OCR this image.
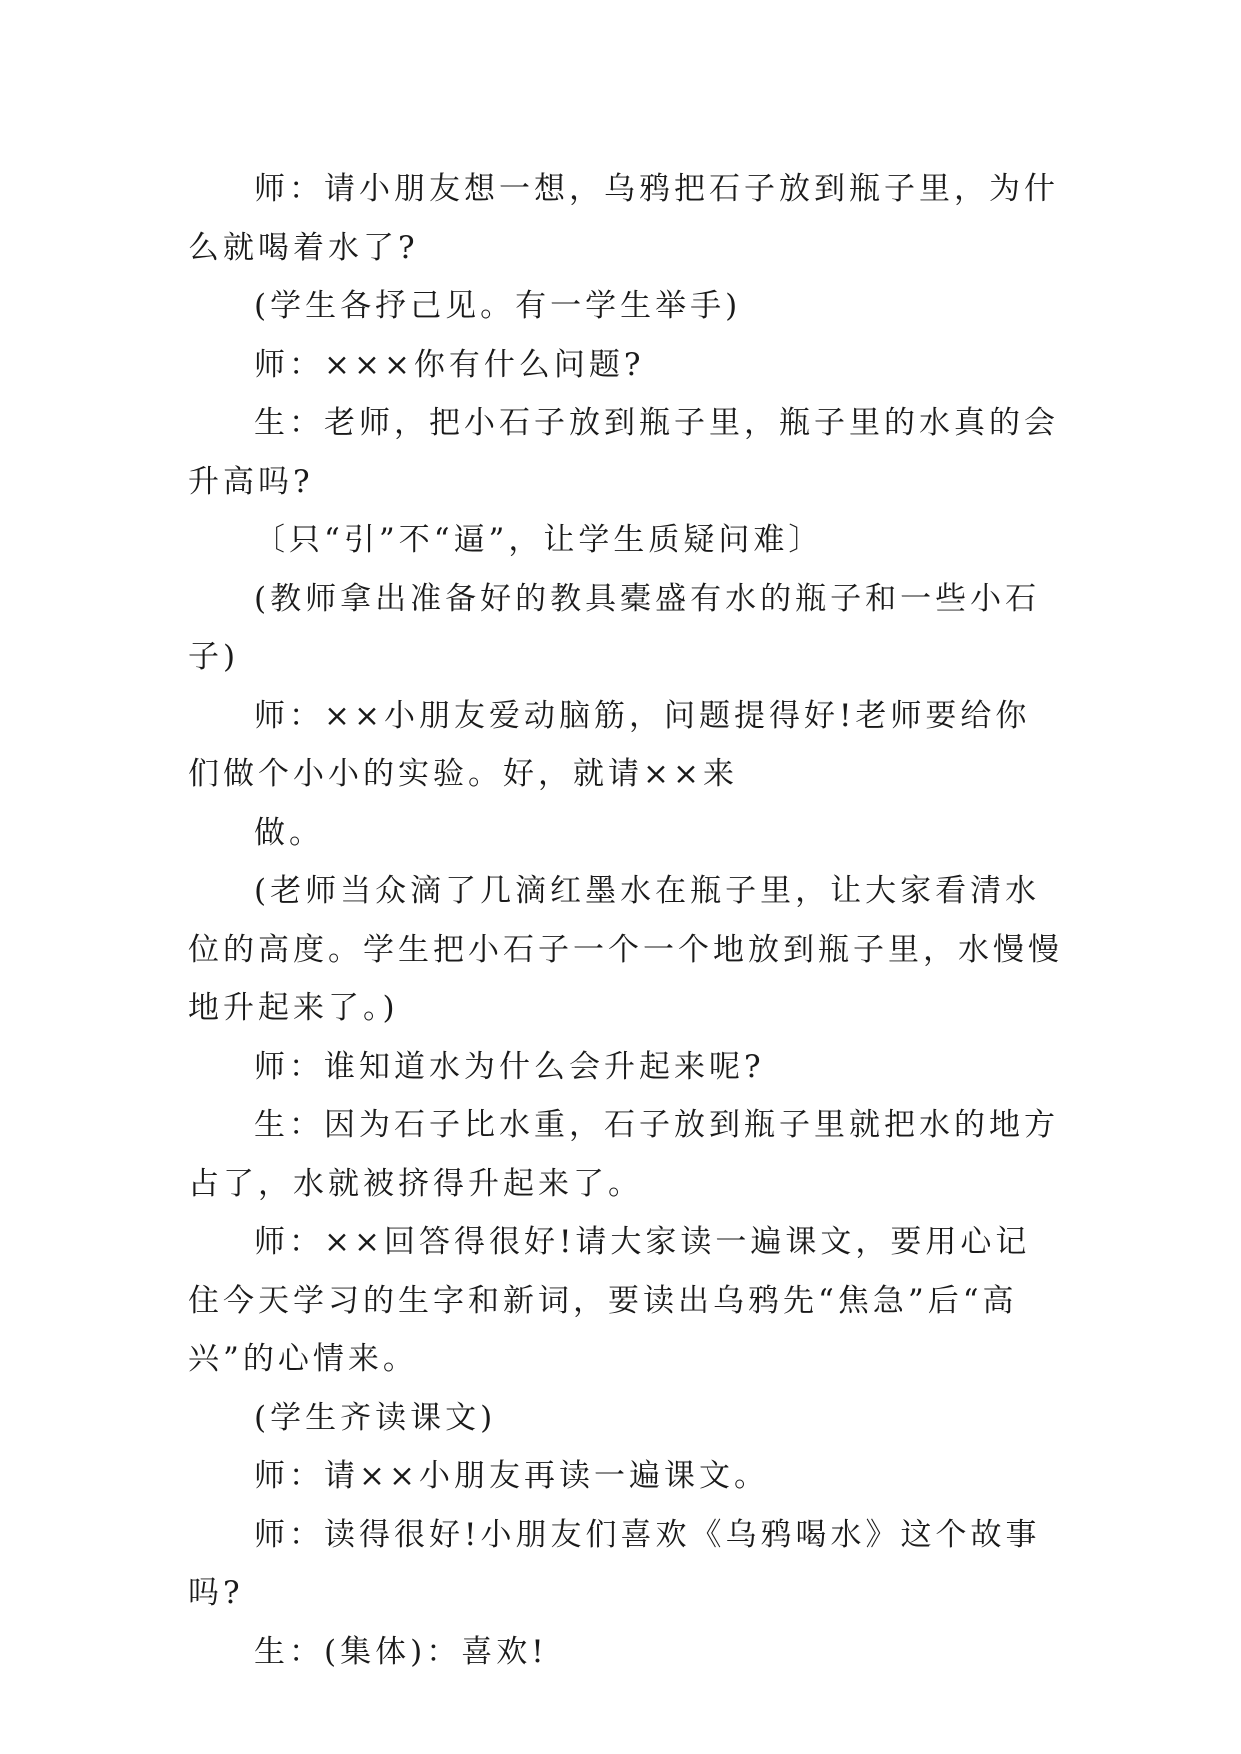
师：请小朋友想一想，乌鸦把石子放到瓶子里，为什么就喝着水了?

(学生各抒己见。有一学生举手)

师：×××你有什么问题?

生：老师，把小石子放到瓶子里，瓶子里的水真的会升高吗?

〔只“引”不“逼”，让学生质疑问难〕

(教师拿出准备好的教具橐盛有水的瓶子和一些小石子)

师：××小朋友爱动脑筋，问题提得好!老师要给你们做个小小的实验。好，就请××来

做。

(老师当众滴了几滴红墨水在瓶子里，让大家看清水位的高度。学生把小石子一个一个地放到瓶子里，水慢慢地升起来了。)

师：谁知道水为什么会升起来呢?

生：因为石子比水重，石子放到瓶子里就把水的地方占了，水就被挤得升起来了。

师：××回答得很好!请大家读一遍课文，要用心记住今天学习的生字和新词，要读出乌鸦先“焦急”后“高兴”的心情来。

(学生齐读课文)

师：请××小朋友再读一遍课文。

师：读得很好!小朋友们喜欢《乌鸦喝水》这个故事吗?

生：(集体)：喜欢!
